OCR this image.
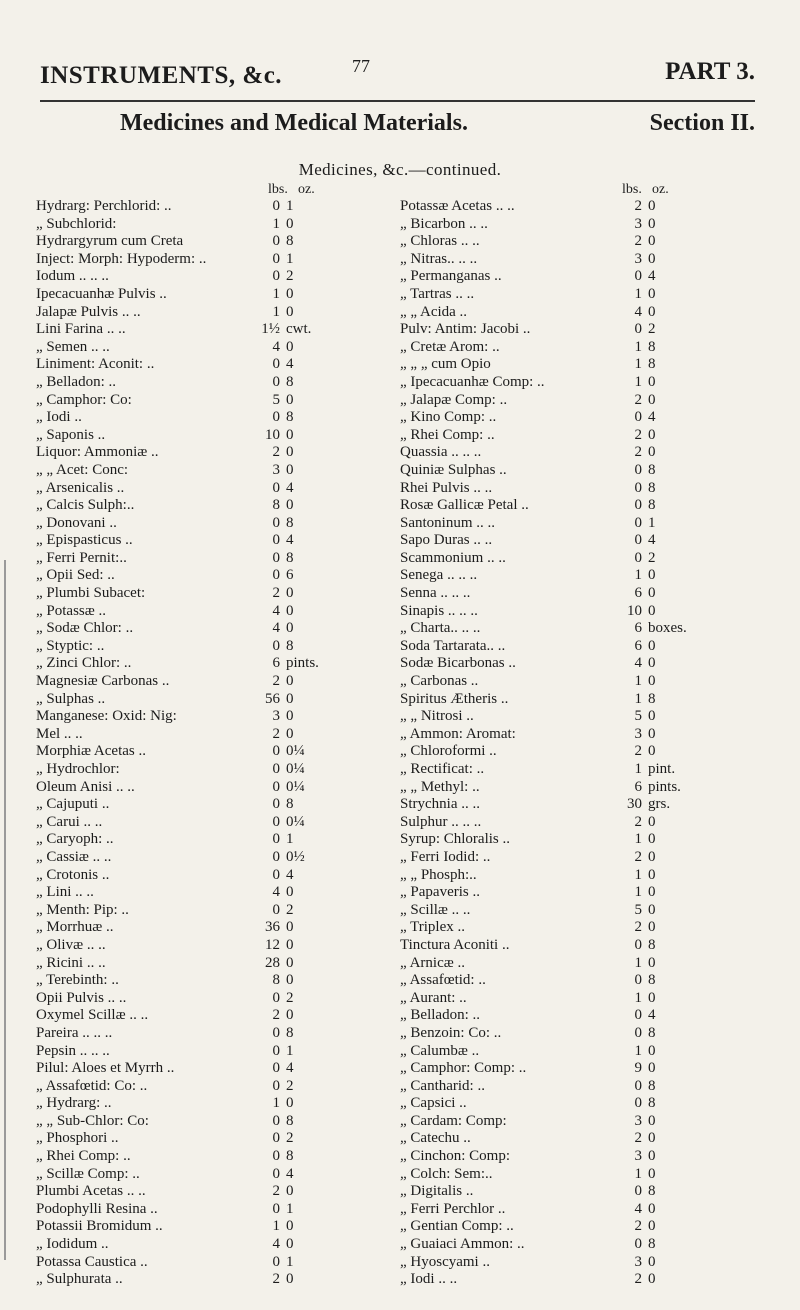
INSTRUMENTS, &c.	77	PART 3.
Medicines and Medical Materials.	Section II.
Medicines, &c.—continued.
lbs. oz.
Hydrarg: Perchlorid: ..	0 1
„ Subchlorid:	1 0
Hydrargyrum cum Creta	0 8
Inject: Morph: Hypoderm: ..	0 1
Iodum .. .. ..	0 2
Ipecacuanhæ Pulvis ..	1 0
Jalapæ Pulvis .. ..	1 0
Lini Farina .. ..	1½ cwt.
„ Semen .. ..	4 0
Liniment: Aconit: ..	0 4
„ Belladon: ..	0 8
„ Camphor: Co:	5 0
„ Iodi ..	0 8
„ Saponis ..	10 0
Liquor: Ammoniæ ..	2 0
„ „ Acet: Conc:	3 0
„ Arsenicalis ..	0 4
„ Calcis Sulph:..	8 0
„ Donovani ..	0 8
„ Epispasticus ..	0 4
„ Ferri Pernit:..	0 8
„ Opii Sed: ..	0 6
„ Plumbi Subacet:	2 0
„ Potassæ ..	4 0
„ Sodæ Chlor: ..	4 0
„ Styptic: ..	0 8
„ Zinci Chlor: ..	6 pints.
Magnesiæ Carbonas ..	2 0
„ Sulphas ..	56 0
Manganese: Oxid: Nig:	3 0
Mel .. ..	2 0
Morphiæ Acetas ..	0 0¼
„ Hydrochlor:	0 0¼
Oleum Anisi .. ..	0 0¼
„ Cajuputi ..	0 8
„ Carui .. ..	0 0¼
„ Caryoph: ..	0 1
„ Cassiæ .. ..	0 0½
„ Crotonis ..	0 4
„ Lini .. ..	4 0
„ Menth: Pip: ..	0 2
„ Morrhuæ ..	36 0
„ Olivæ .. ..	12 0
„ Ricini .. ..	28 0
„ Terebinth: ..	8 0
Opii Pulvis .. ..	0 2
Oxymel Scillæ .. ..	2 0
Pareira .. .. ..	0 8
Pepsin .. .. ..	0 1
Pilul: Aloes et Myrrh ..	0 4
„ Assafœtid: Co: ..	0 2
„ Hydrarg: ..	1 0
„ „ Sub-Chlor: Co:	0 8
„ Phosphori ..	0 2
„ Rhei Comp: ..	0 8
„ Scillæ Comp: ..	0 4
Plumbi Acetas .. ..	2 0
Podophylli Resina ..	0 1
Potassii Bromidum ..	1 0
„ Iodidum ..	4 0
Potassa Caustica ..	0 1
„ Sulphurata ..	2 0
lbs. oz.
Potassæ Acetas .. ..	2 0
„ Bicarbon .. ..	3 0
„ Chloras .. ..	2 0
„ Nitras.. .. ..	3 0
„ Permanganas ..	0 4
„ Tartras .. ..	1 0
„ „ Acida ..	4 0
Pulv: Antim: Jacobi ..	0 2
„ Cretæ Arom: ..	1 8
„ „ „ cum Opio	1 8
„ Ipecacuanhæ Comp: ..	1 0
„ Jalapæ Comp: ..	2 0
„ Kino Comp: ..	0 4
„ Rhei Comp: ..	2 0
Quassia .. .. ..	2 0
Quiniæ Sulphas ..	0 8
Rhei Pulvis .. ..	0 8
Rosæ Gallicæ Petal ..	0 8
Santoninum .. ..	0 1
Sapo Duras .. ..	0 4
Scammonium .. ..	0 2
Senega .. .. ..	1 0
Senna .. .. ..	6 0
Sinapis .. .. ..	10 0
„ Charta.. .. ..	6 boxes.
Soda Tartarata.. ..	6 0
Sodæ Bicarbonas ..	4 0
„ Carbonas ..	1 0
Spiritus Ætheris ..	1 8
„ „ Nitrosi ..	5 0
„ Ammon: Aromat:	3 0
„ Chloroformi ..	2 0
„ Rectificat: ..	1 pint.
„ „ Methyl: ..	6 pints.
Strychnia .. ..	30 grs.
Sulphur .. .. ..	2 0
Syrup: Chloralis ..	1 0
„ Ferri Iodid: ..	2 0
„ „ Phosph:..	1 0
„ Papaveris ..	1 0
„ Scillæ .. ..	5 0
„ Triplex ..	2 0
Tinctura Aconiti ..	0 8
„ Arnicæ ..	1 0
„ Assafœtid: ..	0 8
„ Aurant: ..	1 0
„ Belladon: ..	0 4
„ Benzoin: Co: ..	0 8
„ Calumbæ ..	1 0
„ Camphor: Comp: ..	9 0
„ Cantharid: ..	0 8
„ Capsici ..	0 8
„ Cardam: Comp:	3 0
„ Catechu ..	2 0
„ Cinchon: Comp:	3 0
„ Colch: Sem:..	1 0
„ Digitalis ..	0 8
„ Ferri Perchlor ..	4 0
„ Gentian Comp: ..	2 0
„ Guaiaci Ammon: ..	0 8
„ Hyoscyami ..	3 0
„ Iodi .. ..	2 0
